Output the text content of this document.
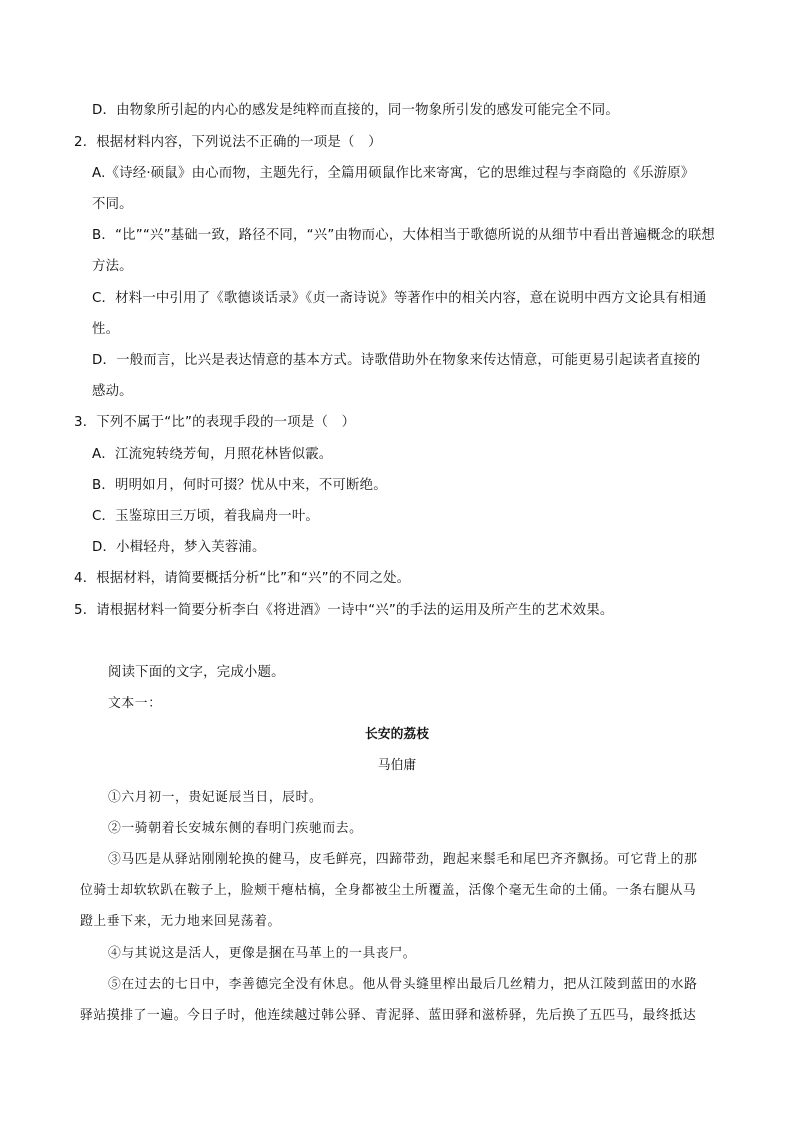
D．由物象所引起的内心的感发是纯粹而直接的，同一物象所引发的感发可能完全不同。
2．根据材料内容，下列说法不正确的一项是（　）
A.《诗经·硕鼠》由心而物，主题先行，全篇用硕鼠作比来寄寓，它的思维过程与李商隐的《乐游原》
不同。
B．“比”“兴”基础一致，路径不同，“兴”由物而心，大体相当于歌德所说的从细节中看出普遍概念的联想
方法。
C．材料一中引用了《歌德谈话录》《贞一斋诗说》等著作中的相关内容，意在说明中西方文论具有相通
性。
D．一般而言，比兴是表达情意的基本方式。诗歌借助外在物象来传达情意，可能更易引起读者直接的
感动。
3．下列不属于“比”的表现手段的一项是（　）
A．江流宛转绕芳甸，月照花林皆似霰。
B．明明如月，何时可掇？忧从中来，不可断绝。
C．玉鉴琼田三万顷，着我扁舟一叶。
D．小楫轻舟，梦入芙蓉浦。
4．根据材料，请简要概括分析“比”和“兴”的不同之处。
5．请根据材料一简要分析李白《将进酒》一诗中“兴”的手法的运用及所产生的艺术效果。
阅读下面的文字，完成小题。
文本一：
长安的荔枝
马伯庸
①六月初一，贵妃诞辰当日，辰时。
②一骑朝着长安城东侧的春明门疾驰而去。
③马匹是从驿站刚刚轮换的健马，皮毛鲜亮，四蹄带劲，跑起来鬃毛和尾巴齐齐飘扬。可它背上的那
位骑士却软软趴在鞍子上，脸颊干瘪枯槁，全身都被尘土所覆盖，活像个毫无生命的土俑。一条右腿从马
蹬上垂下来，无力地来回晃荡着。
④与其说这是活人，更像是捆在马革上的一具丧尸。
⑤在过去的七日中，李善德完全没有休息。他从骨头缝里榨出最后几丝精力，把从江陵到蓝田的水路
驿站摸排了一遍。今日子时，他连续越过韩公驿、青泥驿、蓝田驿和滋桥驿，先后换了五匹马，最终抵达
